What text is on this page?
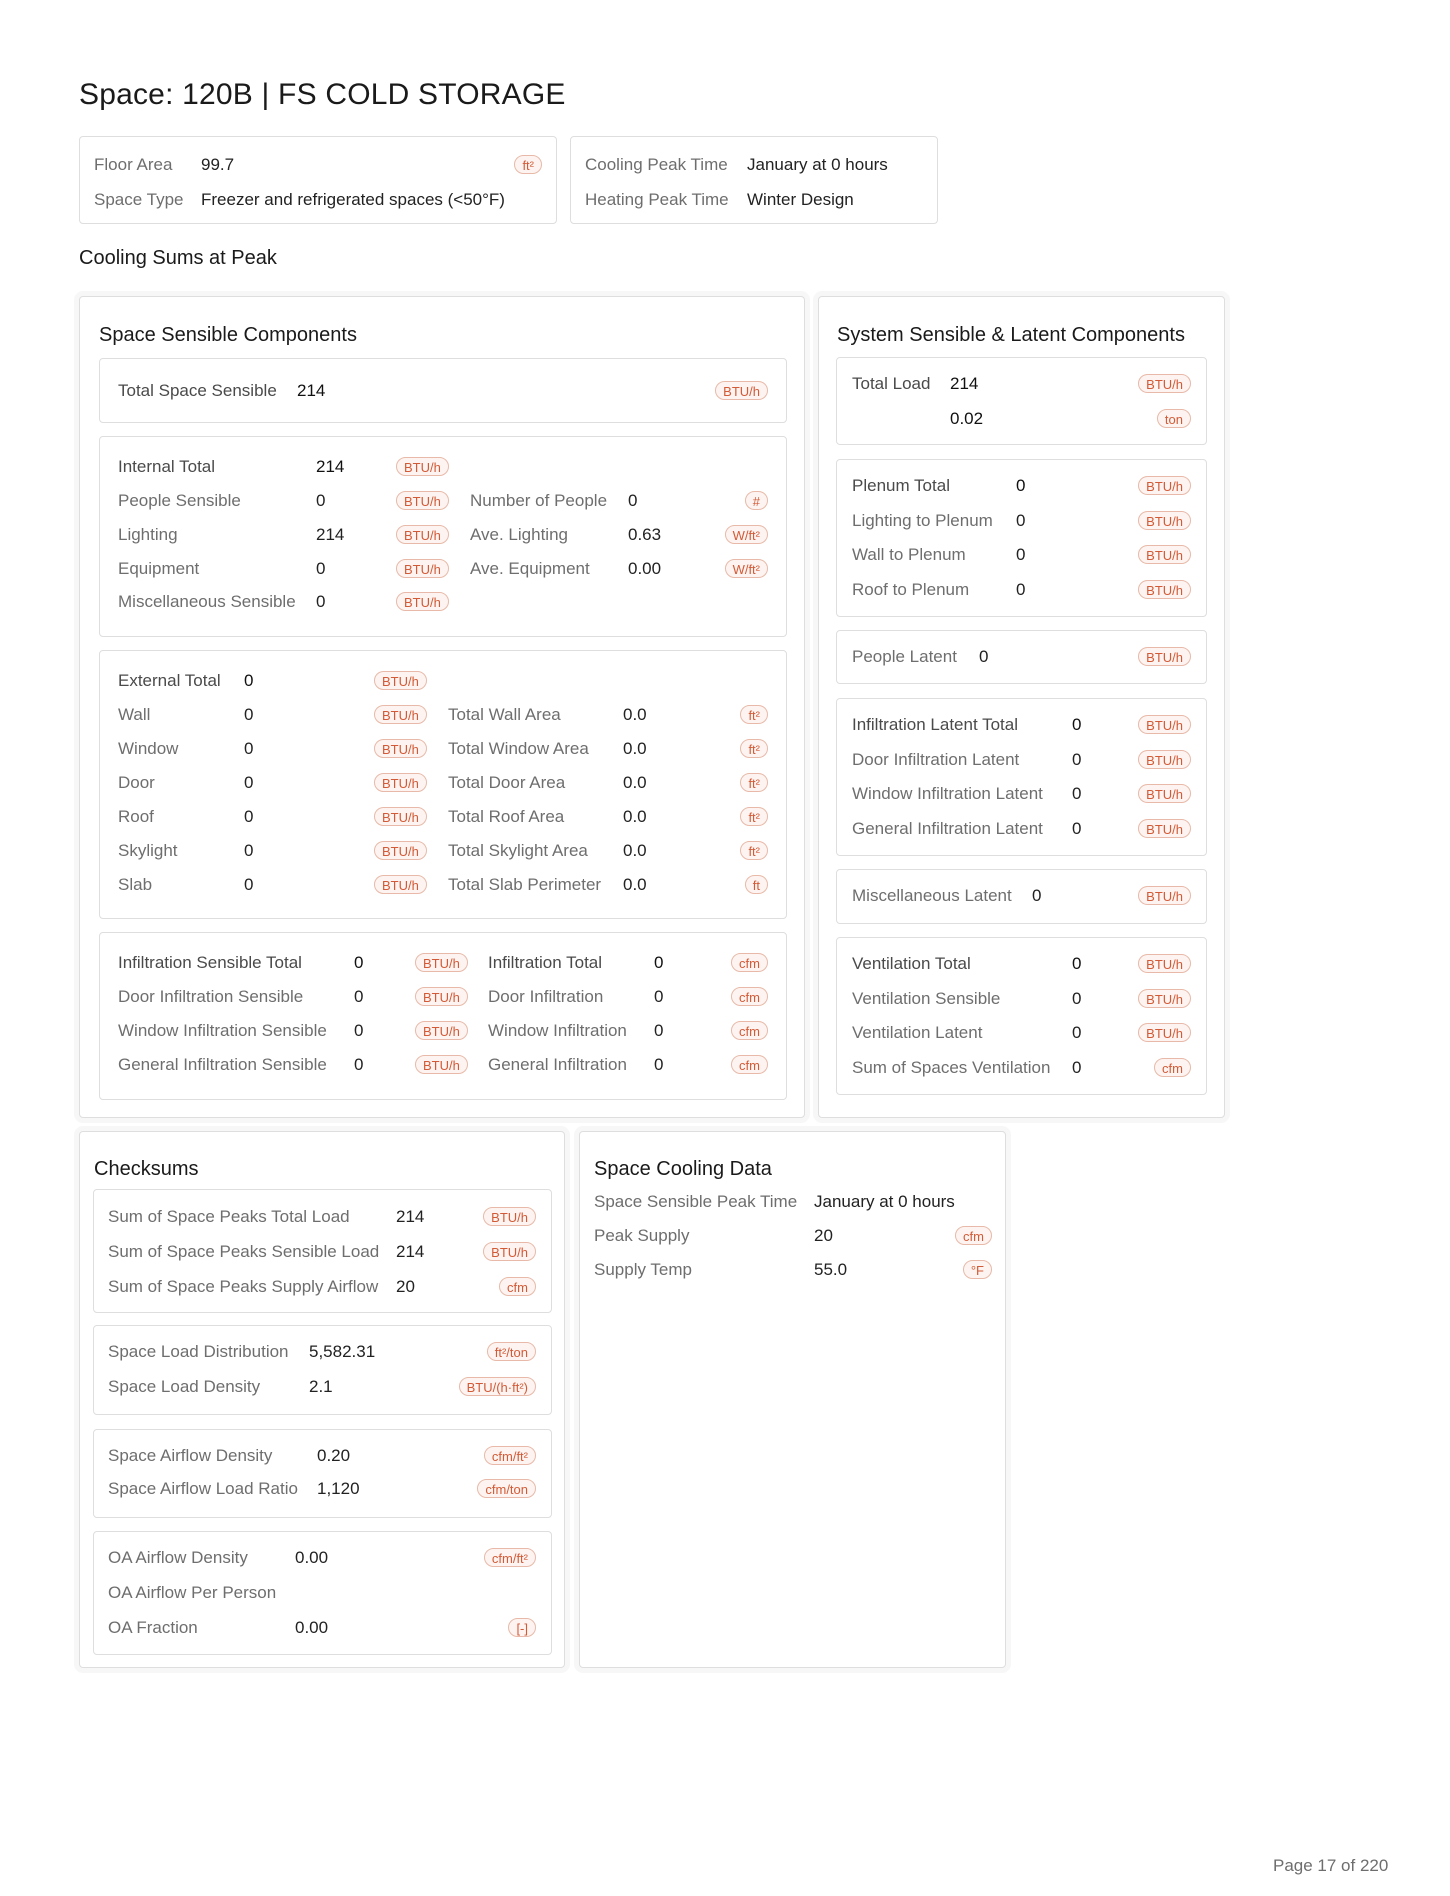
Space: 120B | FS COLD STORAGE
Floor Area 99.7	ft²
Space Type Freezer and refrigerated spaces (<50°F)
Cooling Peak Time January at 0 hours
Heating Peak Time Winter Design
Cooling Sums at Peak
Space Sensible Components
Total Space Sensible 214	BTU/h
Internal Total	214	BTU/h
People Sensible	0	BTU/h	Number of People 0	#
Lighting	214	BTU/h	Ave. Lighting	0.63	W/ft²
Equipment	0	BTU/h	Ave. Equipment 0.00	W/ft²
Miscellaneous Sensible 0	BTU/h
External Total 0	BTU/h
Wall	0	BTU/h	Total Wall Area	0.0	ft²
Window	0	BTU/h	Total Window Area 0.0	ft²
Door	0	BTU/h	Total Door Area	0.0	ft²
Roof	0	BTU/h	Total Roof Area	0.0	ft²
Skylight	0	BTU/h	Total Skylight Area 0.0	ft²
Slab	0	BTU/h	Total Slab Perimeter 0.0	ft
Infiltration Sensible Total	0	BTU/h	Infiltration Total	0	cfm
Door Infiltration Sensible	0	BTU/h	Door Infiltration	0	cfm
Window Infiltration Sensible 0	BTU/h	Window Infiltration 0	cfm
General Infiltration Sensible 0	BTU/h	General Infiltration 0	cfm
System Sensible & Latent Components
Total Load 214	BTU/h
0.02	ton
Plenum Total	0	BTU/h
Lighting to Plenum 0	BTU/h
Wall to Plenum	0	BTU/h
Roof to Plenum	0	BTU/h
People Latent 0	BTU/h
Infiltration Latent Total	0	BTU/h
Door Infiltration Latent	0	BTU/h
Window Infiltration Latent 0	BTU/h
General Infiltration Latent 0	BTU/h
Miscellaneous Latent 0	BTU/h
Ventilation Total	0	BTU/h
Ventilation Sensible	0	BTU/h
Ventilation Latent	0	BTU/h
Sum of Spaces Ventilation 0	cfm
Checksums
Sum of Space Peaks Total Load	214	BTU/h
Sum of Space Peaks Sensible Load 214	BTU/h
Sum of Space Peaks Supply Airflow 20	cfm
Space Load Distribution 5,582.31	ft²/ton
Space Load Density	2.1	BTU/(h·ft²)
Space Airflow Density	0.20	cfm/ft²
Space Airflow Load Ratio 1,120	cfm/ton
OA Airflow Density	0.00	cfm/ft²
OA Airflow Per Person
OA Fraction	0.00	[-]
Space Cooling Data
Space Sensible Peak Time January at 0 hours
Peak Supply	20	cfm
Supply Temp	55.0	°F
Page 17 of 220
